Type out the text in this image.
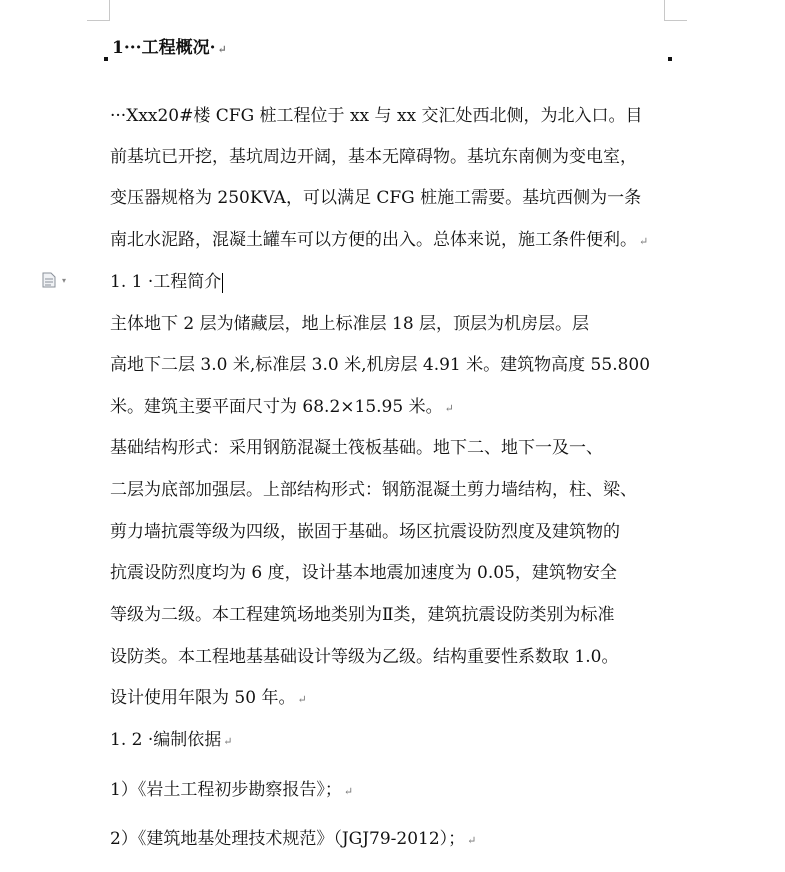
1···工程概况· ↵
···Xxx20#楼 CFG 桩工程位于 xx 与 xx 交汇处西北侧，为北入口。目
前基坑已开挖，基坑周边开阔，基本无障碍物。基坑东南侧为变电室，
变压器规格为 250KVA，可以满足 CFG 桩施工需要。基坑西侧为一条
南北水泥路，混凝土罐车可以方便的出入。总体来说，施工条件便利。 ↵
▾	1. 1 ·工程简介
主体地下 2 层为储藏层，地上标准层 18 层，顶层为机房层。层
高地下二层 3.0 米,标准层 3.0 米,机房层 4.91 米。建筑物高度 55.800
米。建筑主要平面尺寸为 68.2×15.95 米。 ↵
基础结构形式：采用钢筋混凝土筏板基础。地下二、地下一及一、
二层为底部加强层。上部结构形式：钢筋混凝土剪力墙结构，柱、梁、
剪力墙抗震等级为四级，嵌固于基础。场区抗震设防烈度及建筑物的
抗震设防烈度均为 6 度，设计基本地震加速度为 0.05，建筑物安全
等级为二级。本工程建筑场地类别为Ⅱ类，建筑抗震设防类别为标准
设防类。本工程地基基础设计等级为乙级。结构重要性系数取 1.0。
设计使用年限为 50 年。 ↵
1. 2 ·编制依据 ↵
1）《岩土工程初步勘察报告》； ↵
2）《建筑地基处理技术规范》（JGJ79-2012）； ↵
